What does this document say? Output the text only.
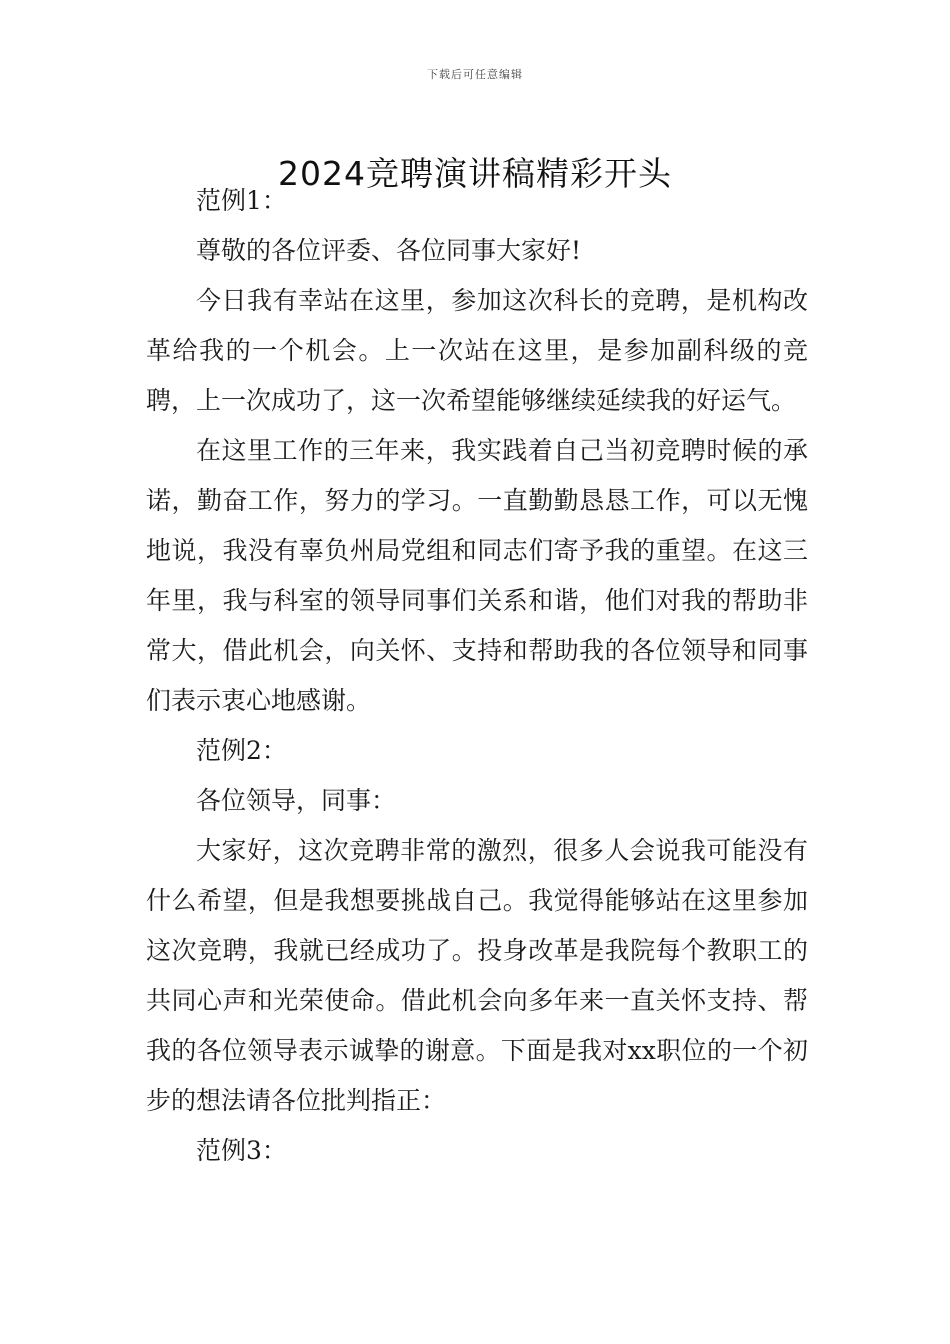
下载后可任意编辑
2024竞聘演讲稿精彩开头

范例1：

尊敬的各位评委、各位同事大家好!

今日我有幸站在这里，参加这次科长的竞聘，是机构改革给我的一个机会。上一次站在这里，是参加副科级的竞聘，上一次成功了，这一次希望能够继续延续我的好运气。

在这里工作的三年来，我实践着自己当初竞聘时候的承诺，勤奋工作，努力的学习。一直勤勤恳恳工作，可以无愧地说，我没有辜负州局党组和同志们寄予我的重望。在这三年里，我与科室的领导同事们关系和谐，他们对我的帮助非常大，借此机会，向关怀、支持和帮助我的各位领导和同事们表示衷心地感谢。

范例2：

各位领导，同事：

大家好，这次竞聘非常的激烈，很多人会说我可能没有什么希望，但是我想要挑战自己。我觉得能够站在这里参加这次竞聘，我就已经成功了。投身改革是我院每个教职工的共同心声和光荣使命。借此机会向多年来一直关怀支持、帮我的各位领导表示诚挚的谢意。下面是我对xx职位的一个初步的想法请各位批判指正：

范例3：
